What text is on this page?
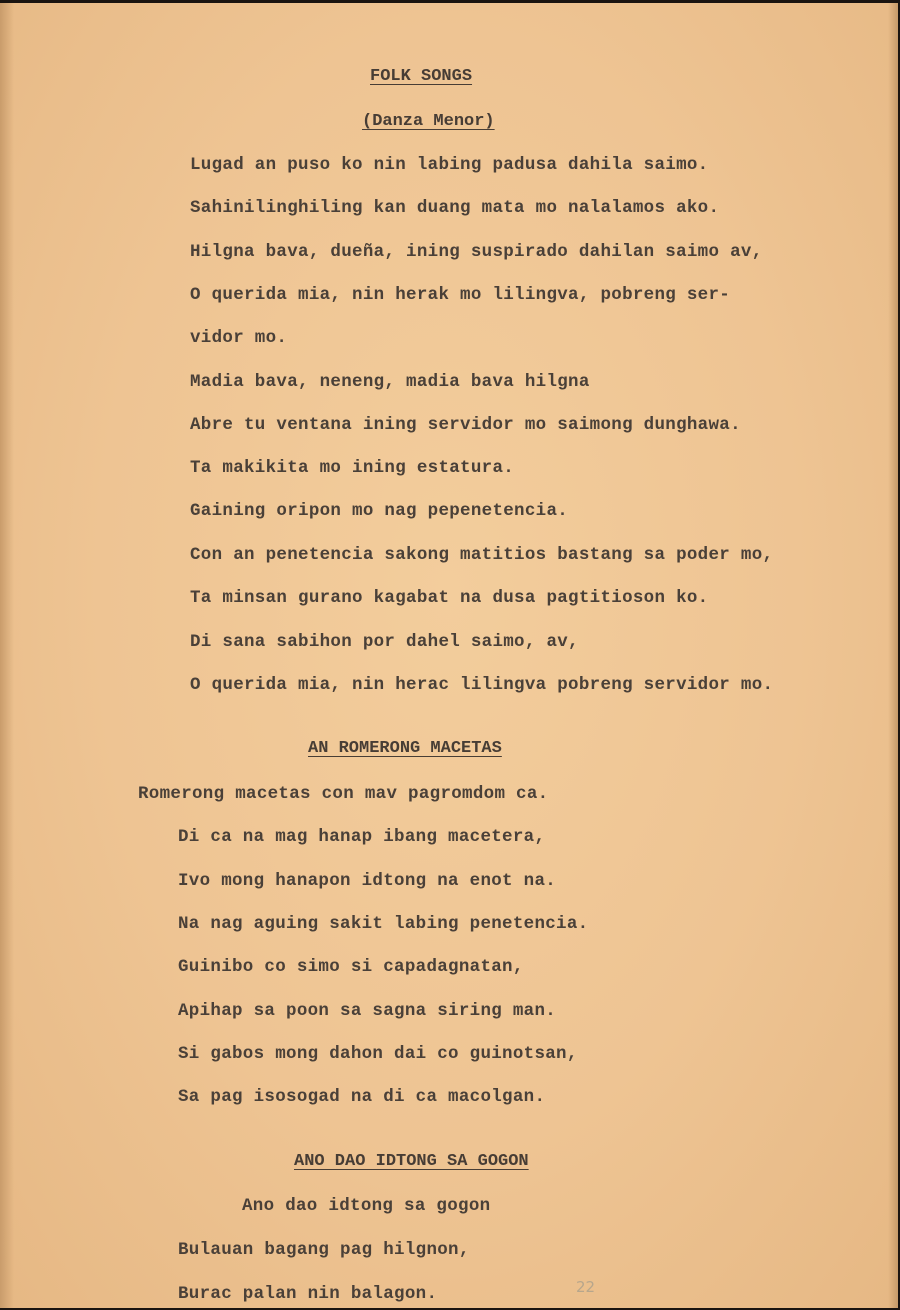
FOLK SONGS
(Danza Menor)
Lugad an puso ko nin labing padusa dahila saimo.
Sahinilinghiling kan duang mata mo nalalamos ako.
Hilgna bava, dueña, ining suspirado dahilan saimo av,
O querida mia, nin herak mo lilingva, pobreng ser-
vidor mo.
Madia bava, neneng, madia bava hilgna
Abre tu ventana ining servidor mo saimong dunghawa.
Ta makikita mo ining estatura.
Gaining oripon mo nag pepenetencia.
Con an penetencia sakong matitios bastang sa poder mo,
Ta minsan gurano kagabat na dusa pagtitioson ko.
Di sana sabihon por dahel saimo, av,
O querida mia, nin herac lilingva pobreng servidor mo.
AN ROMERONG MACETAS
Romerong macetas con mav pagromdom ca.
Di ca na mag hanap ibang macetera,
Ivo mong hanapon idtong na enot na.
Na nag aguing sakit labing penetencia.
Guinibo co simo si capadagnatan,
Apihap sa poon sa sagna siring man.
Si gabos mong dahon dai co guinotsan,
Sa pag isosogad na di ca macolgan.
ANO DAO IDTONG SA GOGON
Ano dao idtong sa gogon
Bulauan bagang pag hilgnon,
Burac palan nin balagon.	22
